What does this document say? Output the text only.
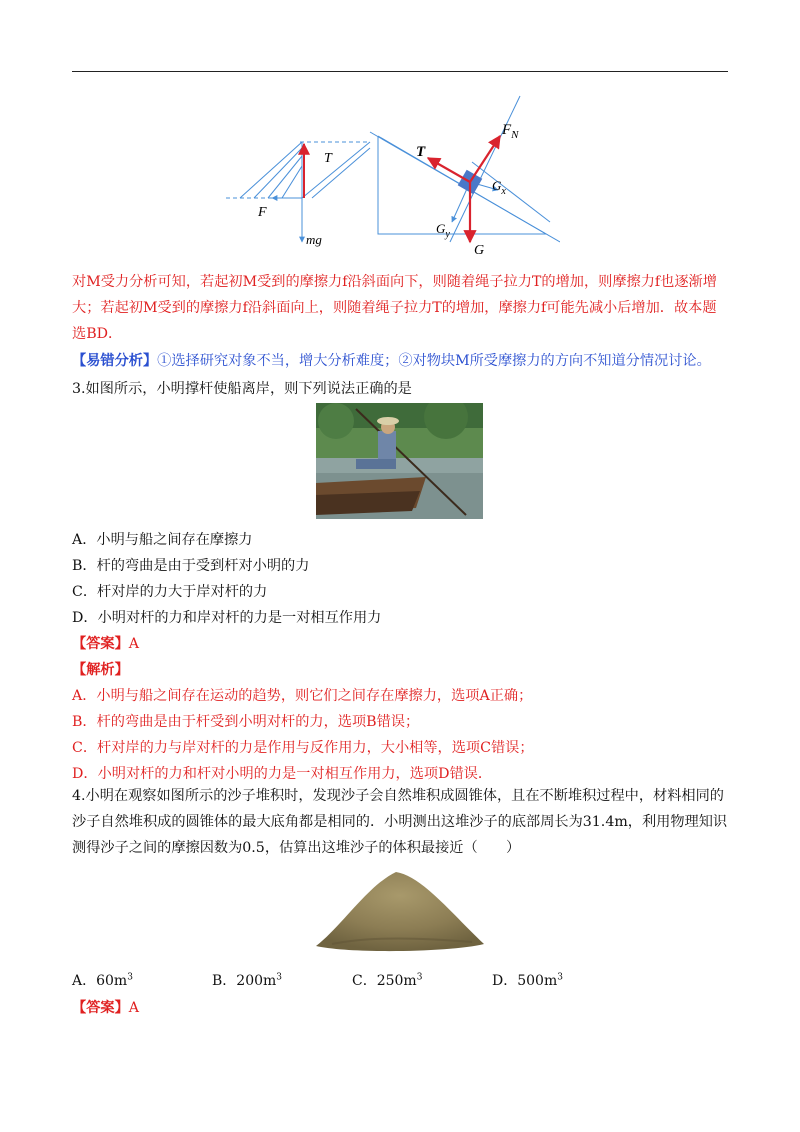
T
F
mg
T
$F_N$
$G_x$
$G_y$
G

对M受力分析可知，若起初M受到的摩擦力f沿斜面向下，则随着绳子拉力T的增加，则摩擦力f也逐渐增大；若起初M受到的摩擦力f沿斜面向上，则随着绳子拉力T的增加，摩擦力f可能先减小后增加．故本题选BD．

【易错分析】①选择研究对象不当，增大分析难度；②对物块M所受摩擦力的方向不知道分情况讨论。
3.如图所示，小明撑杆使船离岸，则下列说法正确的是
A．小明与船之间存在摩擦力
B．杆的弯曲是由于受到杆对小明的力
C．杆对岸的力大于岸对杆的力
D．小明对杆的力和岸对杆的力是一对相互作用力
【答案】A
【解析】
A．小明与船之间存在运动的趋势，则它们之间存在摩擦力，选项A正确；
B．杆的弯曲是由于杆受到小明对杆的力，选项B错误；
C．杆对岸的力与岸对杆的力是作用与反作用力，大小相等，选项C错误；
D．小明对杆的力和杆对小明的力是一对相互作用力，选项D错误．

4.小明在观察如图所示的沙子堆积时，发现沙子会自然堆积成圆锥体，且在不断堆积过程中，材料相同的沙子自然堆积成的圆锥体的最大底角都是相同的．小明测出这堆沙子的底部周长为31.4m，利用物理知识测得沙子之间的摩擦因数为0.5，估算出这堆沙子的体积最接近（　　）

A．$60m^3$	B．$200m^3$	C．$250m^3$	D．$500m^3$
【答案】A
